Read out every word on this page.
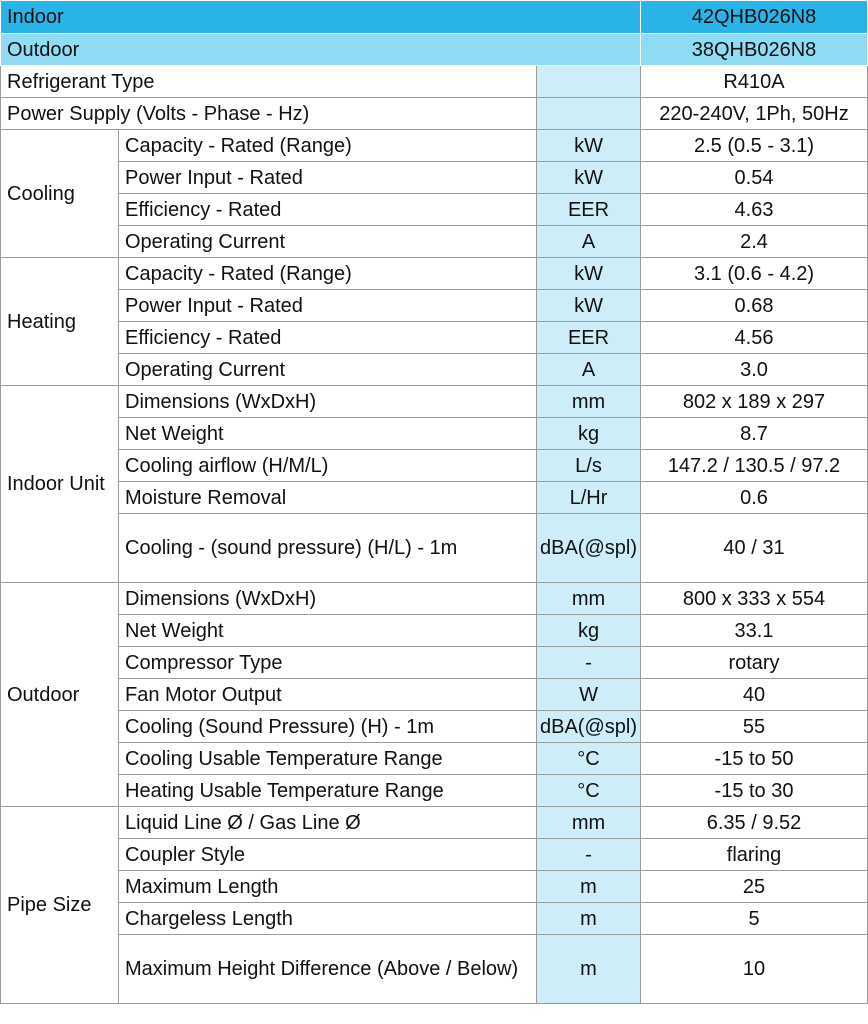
Indoor			42QHB026N8
Outdoor			38QHB026N8
Refrigerant Type			R410A
Power Supply (Volts - Phase - Hz)			220-240V, 1Ph, 50Hz
Cooling	Capacity - Rated (Range)	kW	2.5 (0.5 - 3.1)
	Power Input - Rated	kW	0.54
	Efficiency - Rated	EER	4.63
	Operating Current	A	2.4
Heating	Capacity - Rated (Range)	kW	3.1 (0.6 - 4.2)
	Power Input - Rated	kW	0.68
	Efficiency - Rated	EER	4.56
	Operating Current	A	3.0
Indoor Unit	Dimensions (WxDxH)	mm	802 x 189 x 297
	Net Weight	kg	8.7
	Cooling airflow (H/M/L)	L/s	147.2 / 130.5 / 97.2
	Moisture Removal	L/Hr	0.6
	Cooling - (sound pressure) (H/L) - 1m	dBA(@spl)	40 / 31
Outdoor	Dimensions (WxDxH)	mm	800 x 333 x 554
	Net Weight	kg	33.1
	Compressor Type	-	rotary
	Fan Motor Output	W	40
	Cooling (Sound Pressure) (H) - 1m	dBA(@spl)	55
	Cooling Usable Temperature Range	°C	-15 to 50
	Heating Usable Temperature Range	°C	-15 to 30
Pipe Size	Liquid Line Ø / Gas Line Ø	mm	6.35 / 9.52
	Coupler Style	-	flaring
	Maximum Length	m	25
	Chargeless Length	m	5
	Maximum Height Difference (Above / Below)	m	10
